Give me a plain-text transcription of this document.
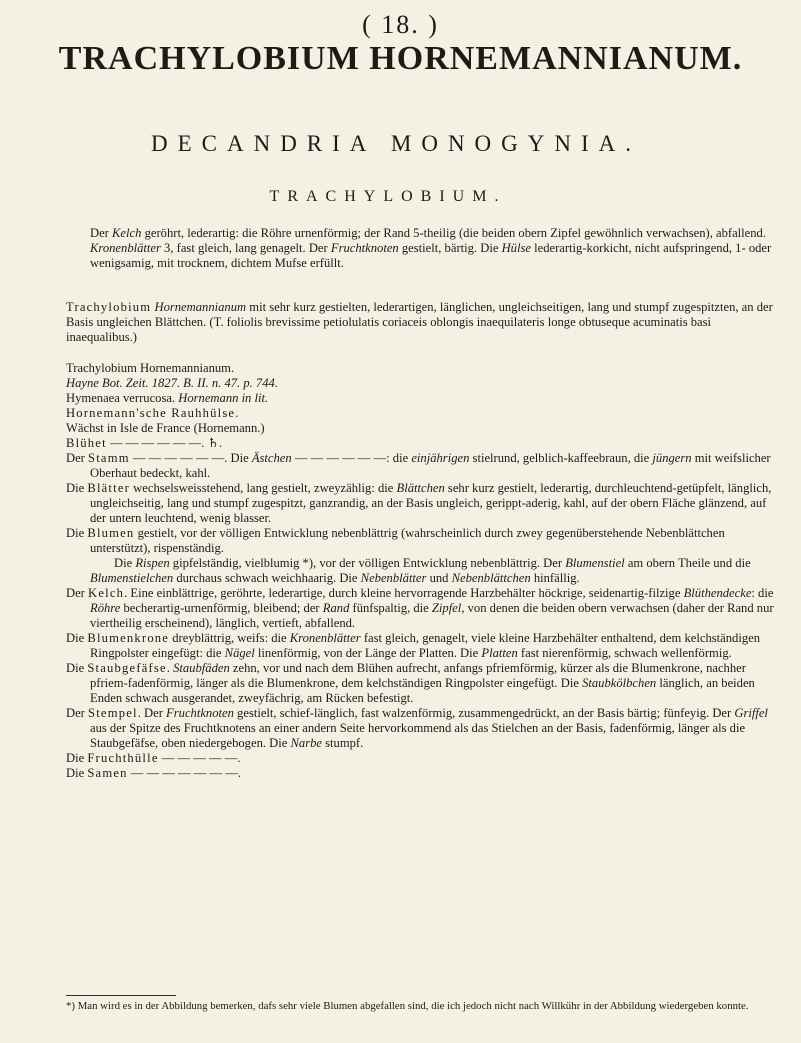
( 18. )
TRACHYLOBIUM HORNEMANNIANUM.
DECANDRIA MONOGYNIA.
TRACHYLOBIUM.

Der Kelch geröhrt, lederartig: die Röhre urnenförmig; der Rand 5-theilig (die beiden obern Zipfel gewöhnlich verwachsen), abfallend. Kronenblätter 3, fast gleich, lang genagelt. Der Fruchtknoten gestielt, bärtig. Die Hülse lederartig-korkicht, nicht aufspringend, 1- oder wenigsamig, mit trocknem, dichtem Mufse erfüllt.

Trachylobium Hornemannianum mit sehr kurz gestielten, lederartigen, länglichen, ungleichseitigen, lang und stumpf zugespitzten, an der Basis ungleichen Blättchen. (T. foliolis brevissime petiolulatis coriaceis oblongis inaequilateris longe obtuseque acuminatis basi inaequalibus.)

Trachylobium Hornemannianum.

Hayne Bot. Zeit. 1827. B. II. n. 47. p. 744.

Hymenaea verrucosa. Hornemann in lit.

Hornemann'sche Rauhhülse.

Wächst in Isle de France (Hornemann.)

Blühet — — — — — —. ♄.

Der Stamm — — — — — —. Die Ästchen — — — — — —: die einjährigen stielrund, gelblich-kaffeebraun, die jüngern mit weifslicher Oberhaut bedeckt, kahl.

Die Blätter wechselsweisstehend, lang gestielt, zweyzählig: die Blättchen sehr kurz gestielt, lederartig, durchleuchtend-getüpfelt, länglich, ungleichseitig, lang und stumpf zugespitzt, ganzrandig, an der Basis ungleich, gerippt-aderig, kahl, auf der obern Fläche glänzend, auf der untern leuchtend, wenig blasser.

Die Blumen gestielt, vor der völligen Entwicklung nebenblättrig (wahrscheinlich durch zwey gegenüberstehende Nebenblättchen unterstützt), rispenständig.

Die Rispen gipfelständig, vielblumig *), vor der völligen Entwicklung nebenblättrig. Der Blumenstiel am obern Theile und die Blumenstielchen durchaus schwach weichhaarig. Die Nebenblätter und Nebenblättchen hinfällig.

Der Kelch. Eine einblättrige, geröhrte, lederartige, durch kleine hervorragende Harzbehälter höckrige, seidenartig-filzige Blüthendecke: die Röhre becherartig-urnenförmig, bleibend; der Rand fünfspaltig, die Zipfel, von denen die beiden obern verwachsen (daher der Rand nur viertheilig erscheinend), länglich, vertieft, abfallend.

Die Blumenkrone dreyblättrig, weifs: die Kronenblätter fast gleich, genagelt, viele kleine Harzbehälter enthaltend, dem kelchständigen Ringpolster eingefügt: die Nägel linenförmig, von der Länge der Platten. Die Platten fast nierenförmig, schwach wellenförmig.

Die Staubgefäfse. Staubfäden zehn, vor und nach dem Blühen aufrecht, anfangs pfriemförmig, kürzer als die Blumenkrone, nachher pfriem-fadenförmig, länger als die Blumenkrone, dem kelchständigen Ringpolster eingefügt. Die Staubkölbchen länglich, an beiden Enden schwach ausgerandet, zweyfächrig, am Rücken befestigt.

Der Stempel. Der Fruchtknoten gestielt, schief-länglich, fast walzenförmig, zusammengedrückt, an der Basis bärtig; fünfeyig. Der Griffel aus der Spitze des Fruchtknotens an einer andern Seite hervorkommend als das Stielchen an der Basis, fadenförmig, länger als die Staubgefäfse, oben niedergebogen. Die Narbe stumpf.

Die Fruchthülle — — — — —.

Die Samen — — — — — — —.

*) Man wird es in der Abbildung bemerken, dafs sehr viele Blumen abgefallen sind, die ich jedoch nicht nach Willkühr in der Abbildung wiedergeben konnte.
